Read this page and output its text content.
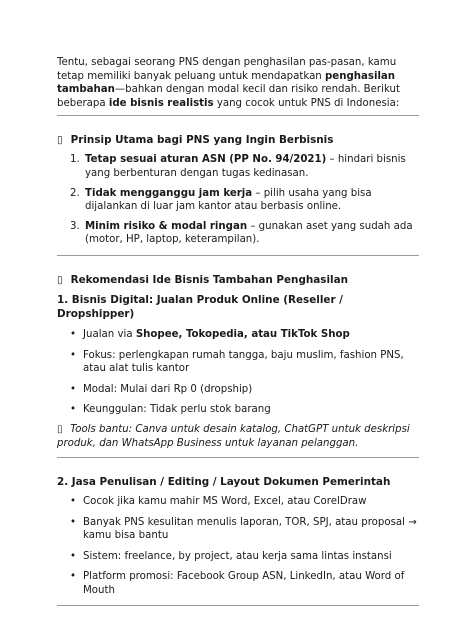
Tentu, sebagai seorang PNS dengan penghasilan pas-pasan, kamu tetap memiliki banyak peluang untuk mendapatkan penghasilan tambahan—bahkan dengan modal kecil dan risiko rendah. Berikut beberapa ide bisnis realistis yang cocok untuk PNS di Indonesia:

▯ Prinsip Utama bagi PNS yang Ingin Berbisnis
1. Tetap sesuai aturan ASN (PP No. 94/2021) – hindari bisnis yang berbenturan dengan tugas kedinasan.
2. Tidak mengganggu jam kerja – pilih usaha yang bisa dijalankan di luar jam kantor atau berbasis online.
3. Minim risiko & modal ringan – gunakan aset yang sudah ada (motor, HP, laptop, keterampilan).
▯ Rekomendasi Ide Bisnis Tambahan Penghasilan
1. Bisnis Digital: Jualan Produk Online (Reseller / Dropshipper)
• Jualan via Shopee, Tokopedia, atau TikTok Shop
• Fokus: perlengkapan rumah tangga, baju muslim, fashion PNS, atau alat tulis kantor
• Modal: Mulai dari Rp 0 (dropship)
• Keunggulan: Tidak perlu stok barang

▯ Tools bantu: Canva untuk desain katalog, ChatGPT untuk deskripsi produk, dan WhatsApp Business untuk layanan pelanggan.

2. Jasa Penulisan / Editing / Layout Dokumen Pemerintah
• Cocok jika kamu mahir MS Word, Excel, atau CorelDraw
• Banyak PNS kesulitan menulis laporan, TOR, SPJ, atau proposal → kamu bisa bantu
• Sistem: freelance, by project, atau kerja sama lintas instansi
• Platform promosi: Facebook Group ASN, LinkedIn, atau Word of Mouth
